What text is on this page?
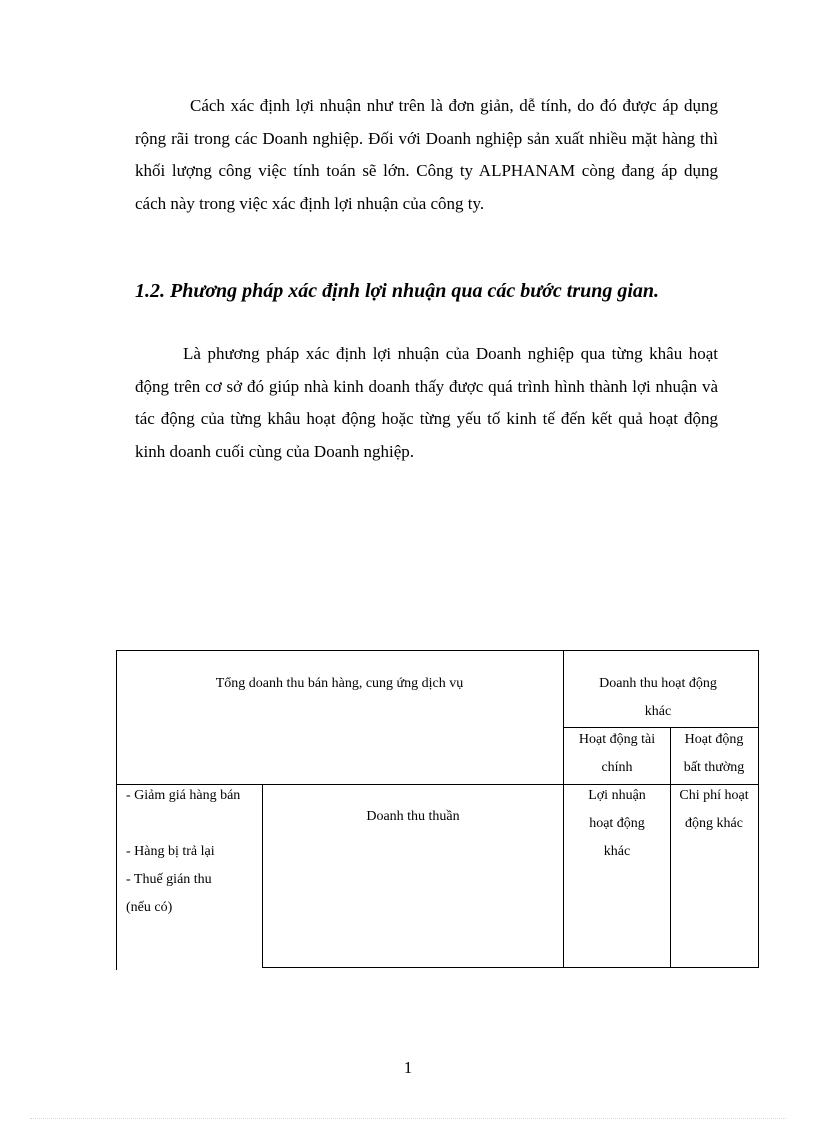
Cách xác định lợi nhuận như trên là đơn giản, dễ tính, do đó được áp dụng rộng rãi trong các Doanh nghiệp. Đối với Doanh nghiệp sản xuất nhiều mặt hàng thì khối lượng công việc tính toán sẽ lớn. Công ty ALPHANAM còng đang áp dụng cách này trong việc xác định lợi nhuận của công ty.

1.2. Phương pháp xác định lợi nhuận qua các bước trung gian.

Là phương pháp xác định lợi nhuận của Doanh nghiệp qua từng khâu hoạt động trên cơ sở đó giúp nhà kinh doanh thấy được quá trình hình thành lợi nhuận và tác động của từng khâu hoạt động hoặc từng yếu tố kinh tế đến kết quả hoạt động kinh doanh cuối cùng của Doanh nghiệp.

Tổng doanh thu bán hàng, cung ứng dịch vụ	Doanh thu hoạt động khác
Hoạt động tài chính
Hoạt động bất thường
- Giảm giá hàng bán
- Hàng bị trả lại
- Thuế gián thu (nếu có)
Doanh thu thuần
Lợi nhuận hoạt động khác
Chi phí hoạt động khác
1
